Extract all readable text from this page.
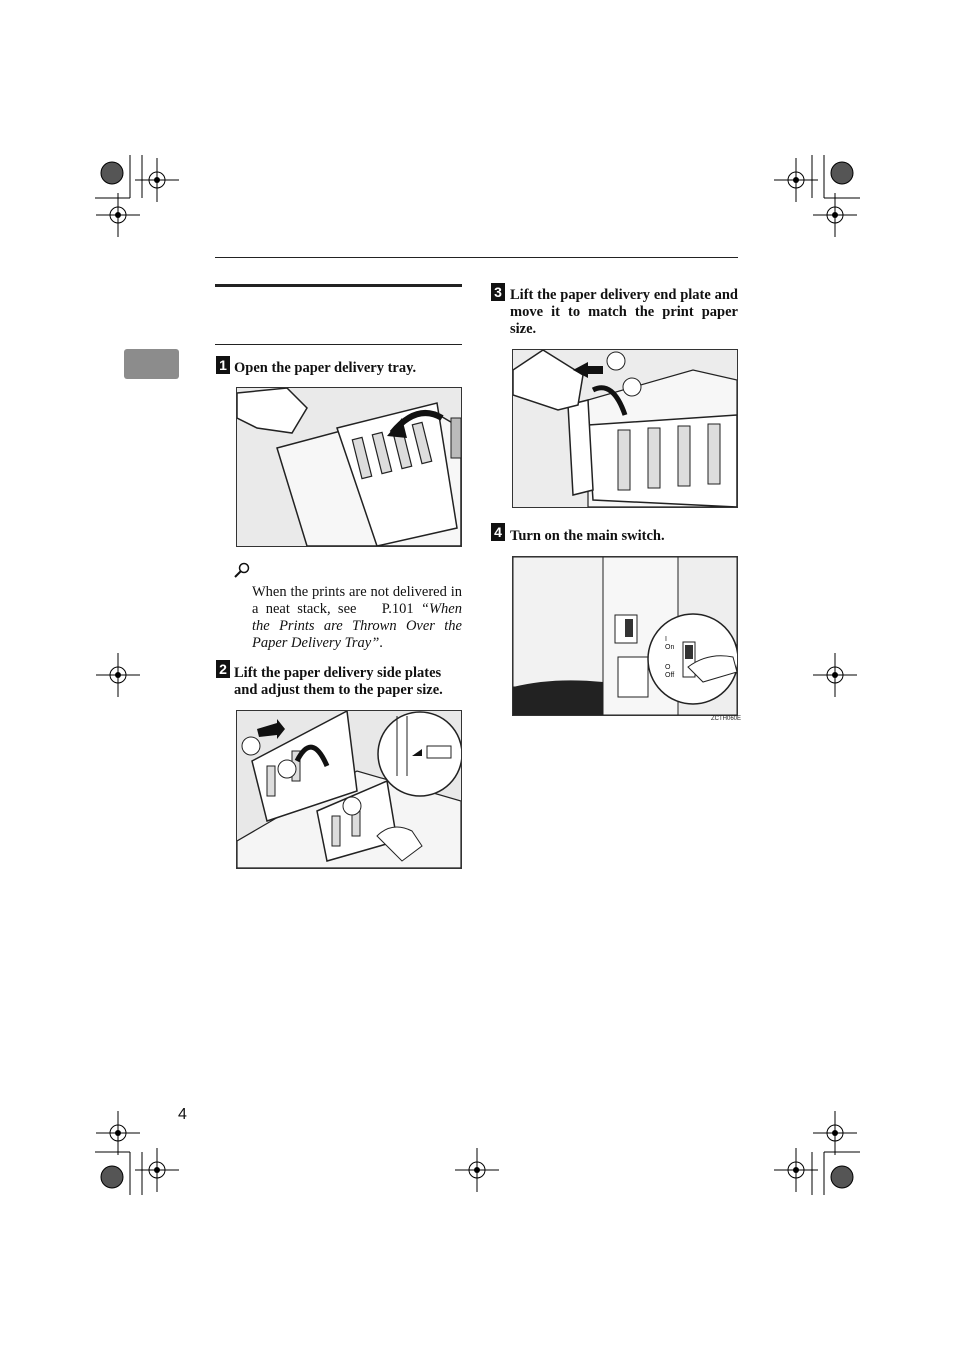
1 Open the paper delivery tray.
When the prints are not delivered in a neat stack, see P.101 “When the Prints are Thrown Over the Paper Delivery Tray”.
2 Lift the paper delivery side plates and adjust them to the paper size.
3 Lift the paper delivery end plate and move it to match the print paper size.
4 Turn on the main switch.
I
On
O
Off
ZCTH060E
4
